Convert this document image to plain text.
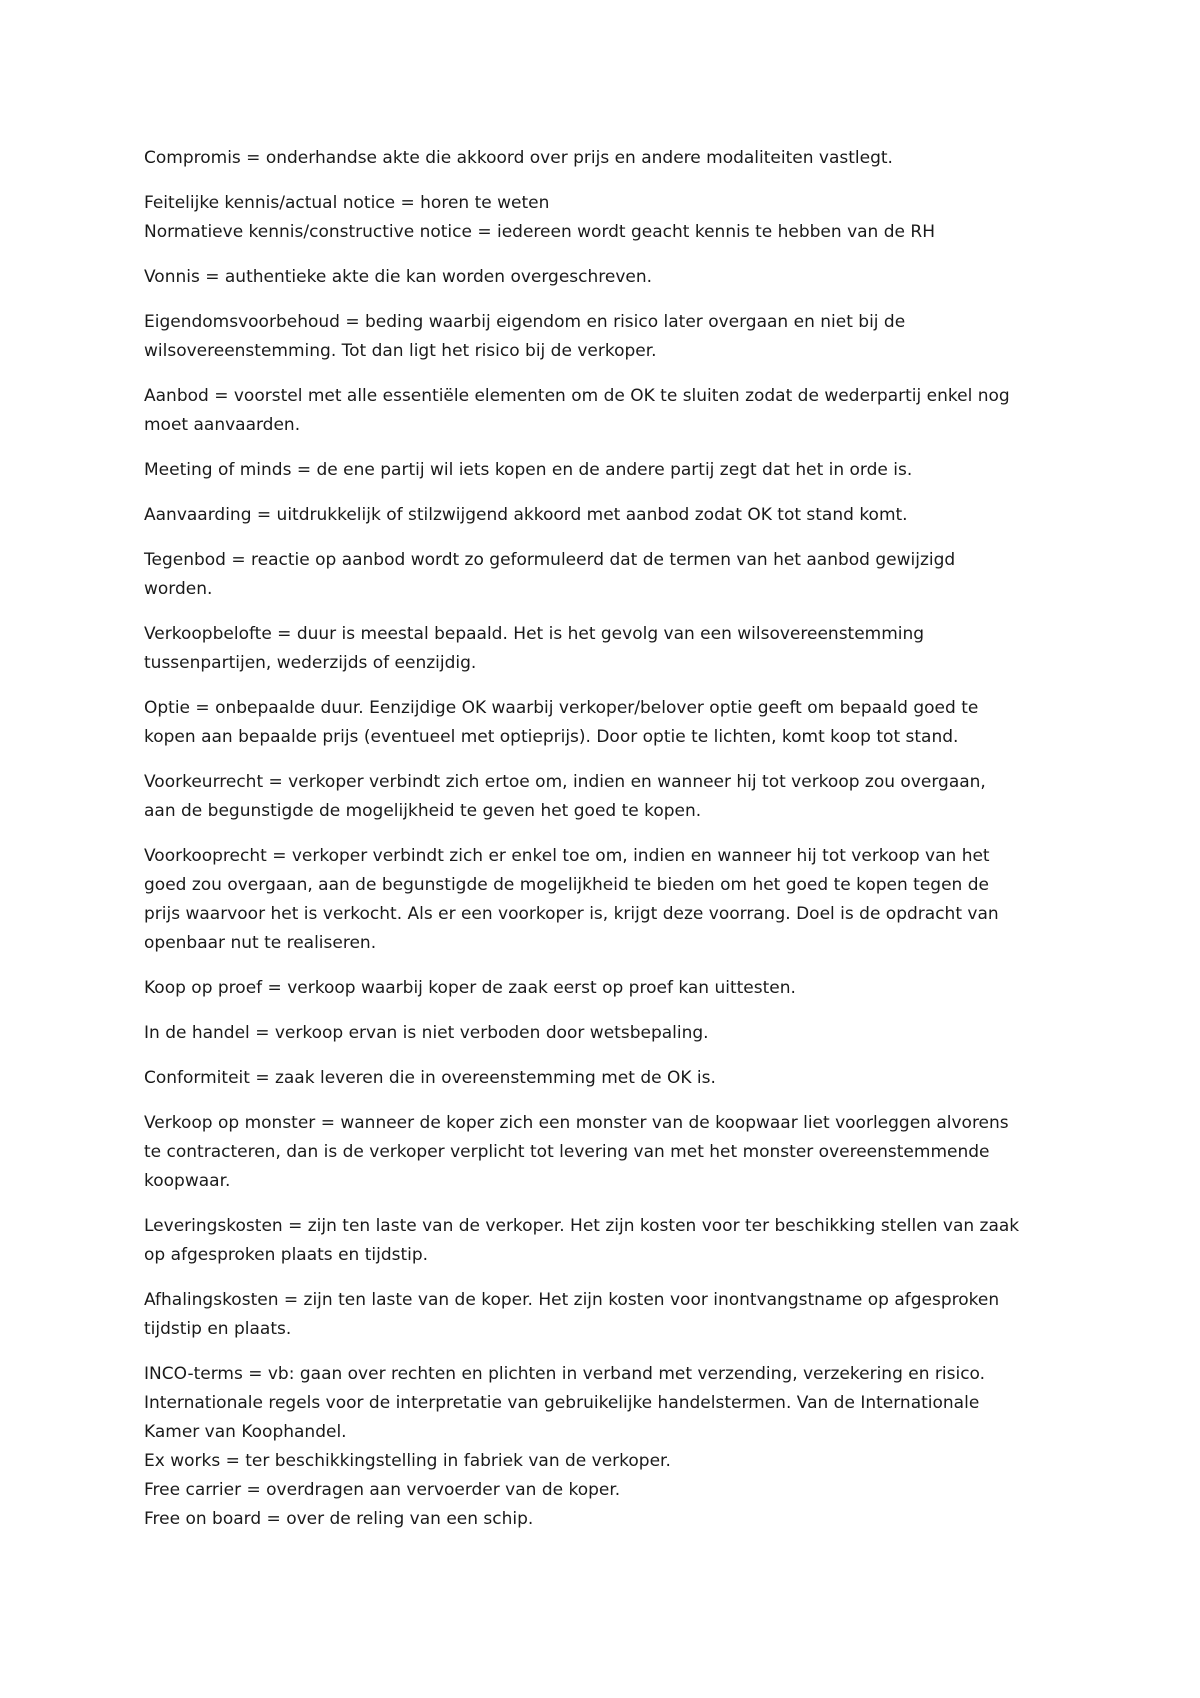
Compromis = onderhandse akte die akkoord over prijs en andere modaliteiten vastlegt.

Feitelijke kennis/actual notice = horen te weten
Normatieve kennis/constructive notice = iedereen wordt geacht kennis te hebben van de RH

Vonnis = authentieke akte die kan worden overgeschreven.

Eigendomsvoorbehoud = beding waarbij eigendom en risico later overgaan en niet bij de
wilsovereenstemming. Tot dan ligt het risico bij de verkoper.

Aanbod = voorstel met alle essentiële elementen om de OK te sluiten zodat de wederpartij enkel nog
moet aanvaarden.

Meeting of minds = de ene partij wil iets kopen en de andere partij zegt dat het in orde is.

Aanvaarding = uitdrukkelijk of stilzwijgend akkoord met aanbod zodat OK tot stand komt.

Tegenbod = reactie op aanbod wordt zo geformuleerd dat de termen van het aanbod gewijzigd
worden.

Verkoopbelofte = duur is meestal bepaald. Het is het gevolg van een wilsovereenstemming
tussenpartijen, wederzijds of eenzijdig.

Optie = onbepaalde duur. Eenzijdige OK waarbij verkoper/belover optie geeft om bepaald goed te
kopen aan bepaalde prijs (eventueel met optieprijs). Door optie te lichten, komt koop tot stand.

Voorkeurrecht = verkoper verbindt zich ertoe om, indien en wanneer hij tot verkoop zou overgaan,
aan de begunstigde de mogelijkheid te geven het goed te kopen.

Voorkooprecht = verkoper verbindt zich er enkel toe om, indien en wanneer hij tot verkoop van het
goed zou overgaan, aan de begunstigde de mogelijkheid te bieden om het goed te kopen tegen de
prijs waarvoor het is verkocht. Als er een voorkoper is, krijgt deze voorrang. Doel is de opdracht van
openbaar nut te realiseren.

Koop op proef = verkoop waarbij koper de zaak eerst op proef kan uittesten.

In de handel = verkoop ervan is niet verboden door wetsbepaling.

Conformiteit = zaak leveren die in overeenstemming met de OK is.

Verkoop op monster = wanneer de koper zich een monster van de koopwaar liet voorleggen alvorens
te contracteren, dan is de verkoper verplicht tot levering van met het monster overeenstemmende
koopwaar.

Leveringskosten = zijn ten laste van de verkoper. Het zijn kosten voor ter beschikking stellen van zaak
op afgesproken plaats en tijdstip.

Afhalingskosten = zijn ten laste van de koper. Het zijn kosten voor inontvangstname op afgesproken
tijdstip en plaats.

INCO-terms = vb: gaan over rechten en plichten in verband met verzending, verzekering en risico.
Internationale regels voor de interpretatie van gebruikelijke handelstermen. Van de Internationale
Kamer van Koophandel.
Ex works = ter beschikkingstelling in fabriek van de verkoper.
Free carrier = overdragen aan vervoerder van de koper.
Free on board = over de reling van een schip.
